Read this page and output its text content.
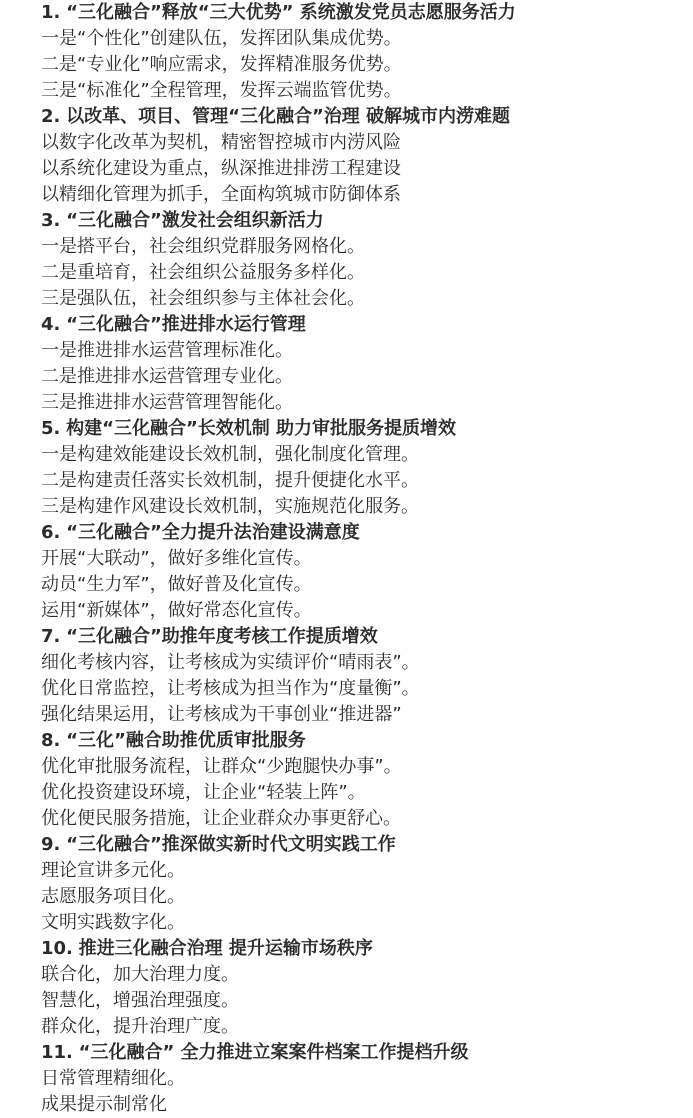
1. “三化融合”释放“三大优势” 系统激发党员志愿服务活力
一是“个性化”创建队伍，发挥团队集成优势。
二是“专业化”响应需求，发挥精准服务优势。
三是“标准化”全程管理，发挥云端监管优势。
2. 以改革、项目、管理“三化融合”治理 破解城市内涝难题
以数字化改革为契机，精密智控城市内涝风险
以系统化建设为重点，纵深推进排涝工程建设
以精细化管理为抓手，全面构筑城市防御体系
3. “三化融合”激发社会组织新活力
一是搭平台，社会组织党群服务网格化。
二是重培育，社会组织公益服务多样化。
三是强队伍，社会组织参与主体社会化。
4. “三化融合”推进排水运行管理
一是推进排水运营管理标准化。
二是推进排水运营管理专业化。
三是推进排水运营管理智能化。
5. 构建“三化融合”长效机制 助力审批服务提质增效
一是构建效能建设长效机制，强化制度化管理。
二是构建责任落实长效机制，提升便捷化水平。
三是构建作风建设长效机制，实施规范化服务。
6. “三化融合”全力提升法治建设满意度
开展“大联动”，做好多维化宣传。
动员“生力军”，做好普及化宣传。
运用“新媒体”，做好常态化宣传。
7. “三化融合”助推年度考核工作提质增效
细化考核内容，让考核成为实绩评价“晴雨表”。
优化日常监控，让考核成为担当作为“度量衡”。
强化结果运用，让考核成为干事创业“推进器”
8. “三化”融合助推优质审批服务
优化审批服务流程，让群众“少跑腿快办事”。
优化投资建设环境，让企业“轻装上阵”。
优化便民服务措施，让企业群众办事更舒心。
9. “三化融合”推深做实新时代文明实践工作
理论宣讲多元化。
志愿服务项目化。
文明实践数字化。
10. 推进三化融合治理 提升运输市场秩序
联合化，加大治理力度。
智慧化，增强治理强度。
群众化，提升治理广度。
11. “三化融合” 全力推进立案案件档案工作提档升级
日常管理精细化。
成果提示制常化
